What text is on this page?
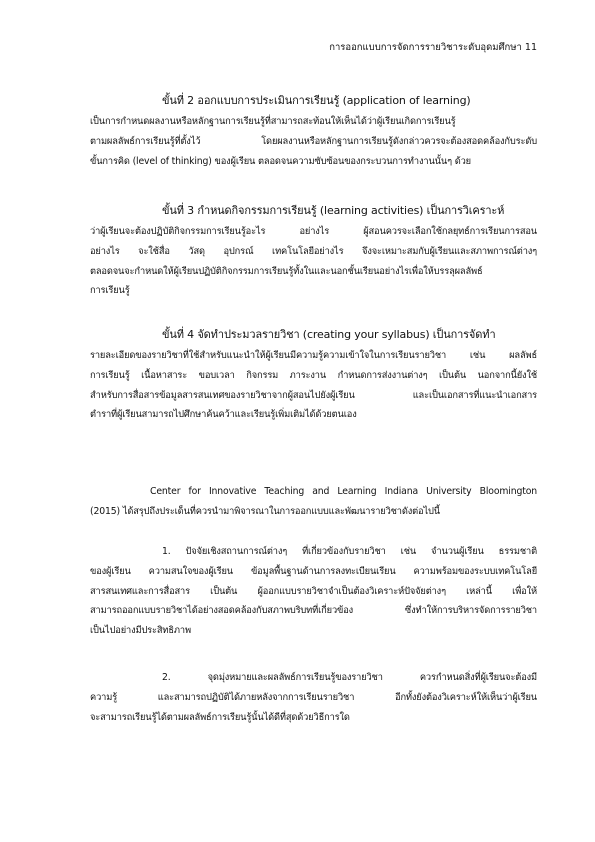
การออกแบบการจัดการรายวิชาระดับอุดมศึกษา 11
ขั้นที่ 2 ออกแบบการประเมินการเรียนรู้ (application of learning)
เป็นการกำหนดผลงานหรือหลักฐานการเรียนรู้ที่สามารถสะท้อนให้เห็นได้ว่าผู้เรียนเกิดการเรียนรู้
ตามผลลัพธ์การเรียนรู้ที่ตั้งไว้ โดยผลงานหรือหลักฐานการเรียนรู้ดังกล่าวควรจะต้องสอดคล้องกับระดับ
ขั้นการคิด (level of thinking) ของผู้เรียน ตลอดจนความซับซ้อนของกระบวนการทำงานนั้นๆ ด้วย
ขั้นที่ 3 กำหนดกิจกรรมการเรียนรู้ (learning activities) เป็นการวิเคราะห์
ว่าผู้เรียนจะต้องปฏิบัติกิจกรรมการเรียนรู้อะไร อย่างไร ผู้สอนควรจะเลือกใช้กลยุทธ์การเรียนการสอน
อย่างไร จะใช้สื่อ วัสดุ อุปกรณ์ เทคโนโลยีอย่างไร จึงจะเหมาะสมกับผู้เรียนและสภาพการณ์ต่างๆ
ตลอดจนจะกำหนดให้ผู้เรียนปฏิบัติกิจกรรมการเรียนรู้ทั้งในและนอกชั้นเรียนอย่างไรเพื่อให้บรรลุผลลัพธ์
การเรียนรู้
ขั้นที่ 4 จัดทำประมวลรายวิชา (creating your syllabus) เป็นการจัดทำ
รายละเอียดของรายวิชาที่ใช้สำหรับแนะนำให้ผู้เรียนมีความรู้ความเข้าใจในการเรียนรายวิชา เช่น ผลลัพธ์
การเรียนรู้ เนื้อหาสาระ ขอบเวลา กิจกรรม ภาระงาน กำหนดการส่งงานต่างๆ เป็นต้น นอกจากนี้ยังใช้
สำหรับการสื่อสารข้อมูลสารสนเทศของรายวิชาจากผู้สอนไปยังผู้เรียน และเป็นเอกสารที่แนะนำเอกสาร
ตำราที่ผู้เรียนสามารถไปศึกษาค้นคว้าและเรียนรู้เพิ่มเติมได้ด้วยตนเอง
Center for Innovative Teaching and Learning Indiana University Bloomington
(2015) ได้สรุปถึงประเด็นที่ควรนำมาพิจารณาในการออกแบบและพัฒนารายวิชาดังต่อไปนี้
1. ปัจจัยเชิงสถานการณ์ต่างๆ ที่เกี่ยวข้องกับรายวิชา เช่น จำนวนผู้เรียน ธรรมชาติ
ของผู้เรียน ความสนใจของผู้เรียน ข้อมูลพื้นฐานด้านการลงทะเบียนเรียน ความพร้อมของระบบเทคโนโลยี
สารสนเทศและการสื่อสาร เป็นต้น ผู้ออกแบบรายวิชาจำเป็นต้องวิเคราะห์ปัจจัยต่างๆ เหล่านี้ เพื่อให้
สามารถออกแบบรายวิชาได้อย่างสอดคล้องกับสภาพบริบทที่เกี่ยวข้อง ซึ่งทำให้การบริหารจัดการรายวิชา
เป็นไปอย่างมีประสิทธิภาพ
2. จุดมุ่งหมายและผลลัพธ์การเรียนรู้ของรายวิชา ควรกำหนดสิ่งที่ผู้เรียนจะต้องมี
ความรู้ และสามารถปฏิบัติได้ภายหลังจากการเรียนรายวิชา อีกทั้งยังต้องวิเคราะห์ให้เห็นว่าผู้เรียน
จะสามารถเรียนรู้ได้ตามผลลัพธ์การเรียนรู้นั้นได้ดีที่สุดด้วยวิธีการใด
